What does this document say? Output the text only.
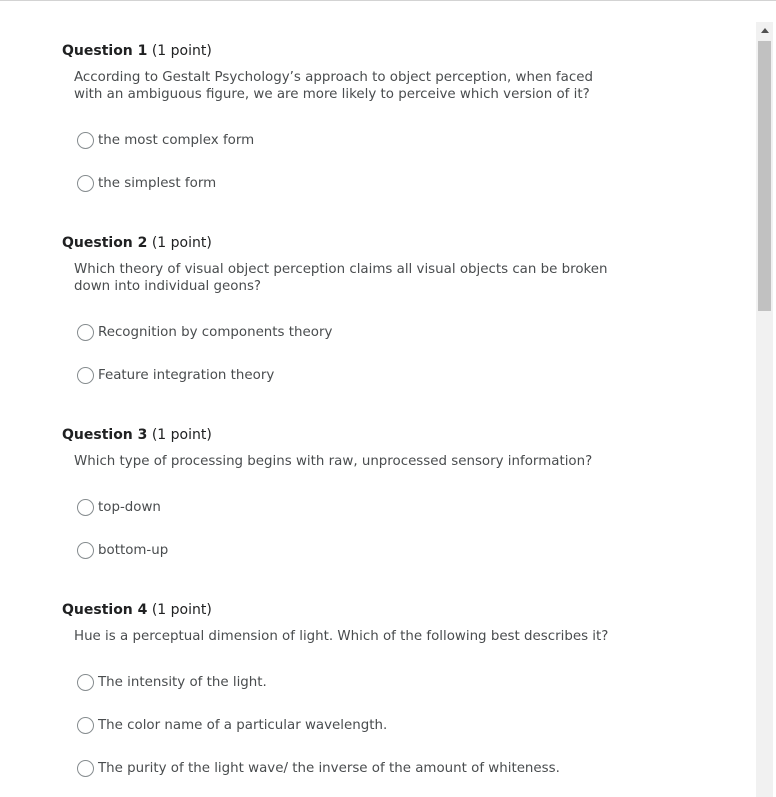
Question 1 (1 point)
According to Gestalt Psychology’s approach to object perception, when faced with an ambiguous figure, we are more likely to perceive which version of it?
the most complex form
the simplest form
Question 2 (1 point)
Which theory of visual object perception claims all visual objects can be broken down into individual geons?
Recognition by components theory
Feature integration theory
Question 3 (1 point)
Which type of processing begins with raw, unprocessed sensory information?
top-down
bottom-up
Question 4 (1 point)
Hue is a perceptual dimension of light. Which of the following best describes it?
The intensity of the light.
The color name of a particular wavelength.
The purity of the light wave/ the inverse of the amount of whiteness.
